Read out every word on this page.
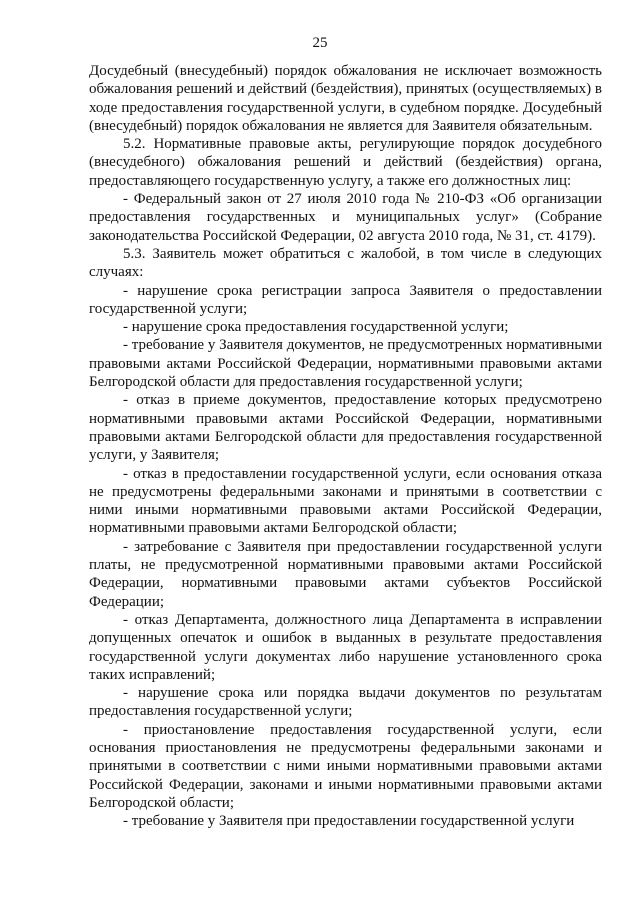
25

Досудебный (внесудебный) порядок обжалования не исключает возможность обжалования решений и действий (бездействия), принятых (осуществляемых) в ходе предоставления государственной услуги, в судебном порядке. Досудебный (внесудебный) порядок обжалования не является для Заявителя обязательным.

5.2. Нормативные правовые акты, регулирующие порядок досудебного (внесудебного) обжалования решений и действий (бездействия) органа, предоставляющего государственную услугу, а также его должностных лиц:

- Федеральный закон от 27 июля 2010 года № 210-ФЗ «Об организации предоставления государственных и муниципальных услуг» (Собрание законодательства Российской Федерации, 02 августа 2010 года, № 31, ст. 4179).

5.3. Заявитель может обратиться с жалобой, в том числе в следующих случаях:

- нарушение срока регистрации запроса Заявителя о предоставлении государственной услуги;

- нарушение срока предоставления государственной услуги;

- требование у Заявителя документов, не предусмотренных нормативными правовыми актами Российской Федерации, нормативными правовыми актами Белгородской области для предоставления государственной услуги;

- отказ в приеме документов, предоставление которых предусмотрено нормативными правовыми актами Российской Федерации, нормативными правовыми актами Белгородской области для предоставления государственной услуги, у Заявителя;

- отказ в предоставлении государственной услуги, если основания отказа не предусмотрены федеральными законами и принятыми в соответствии с ними иными нормативными правовыми актами Российской Федерации, нормативными правовыми актами Белгородской области;

- затребование с Заявителя при предоставлении государственной услуги платы, не предусмотренной нормативными правовыми актами Российской Федерации, нормативными правовыми актами субъектов Российской Федерации;

- отказ Департамента, должностного лица Департамента в исправлении допущенных опечаток и ошибок в выданных в результате предоставления государственной услуги документах либо нарушение установленного срока таких исправлений;

- нарушение срока или порядка выдачи документов по результатам предоставления государственной услуги;

- приостановление предоставления государственной услуги, если основания приостановления не предусмотрены федеральными законами и принятыми в соответствии с ними иными нормативными правовыми актами Российской Федерации, законами и иными нормативными правовыми актами Белгородской области;

- требование у Заявителя при предоставлении государственной услуги
